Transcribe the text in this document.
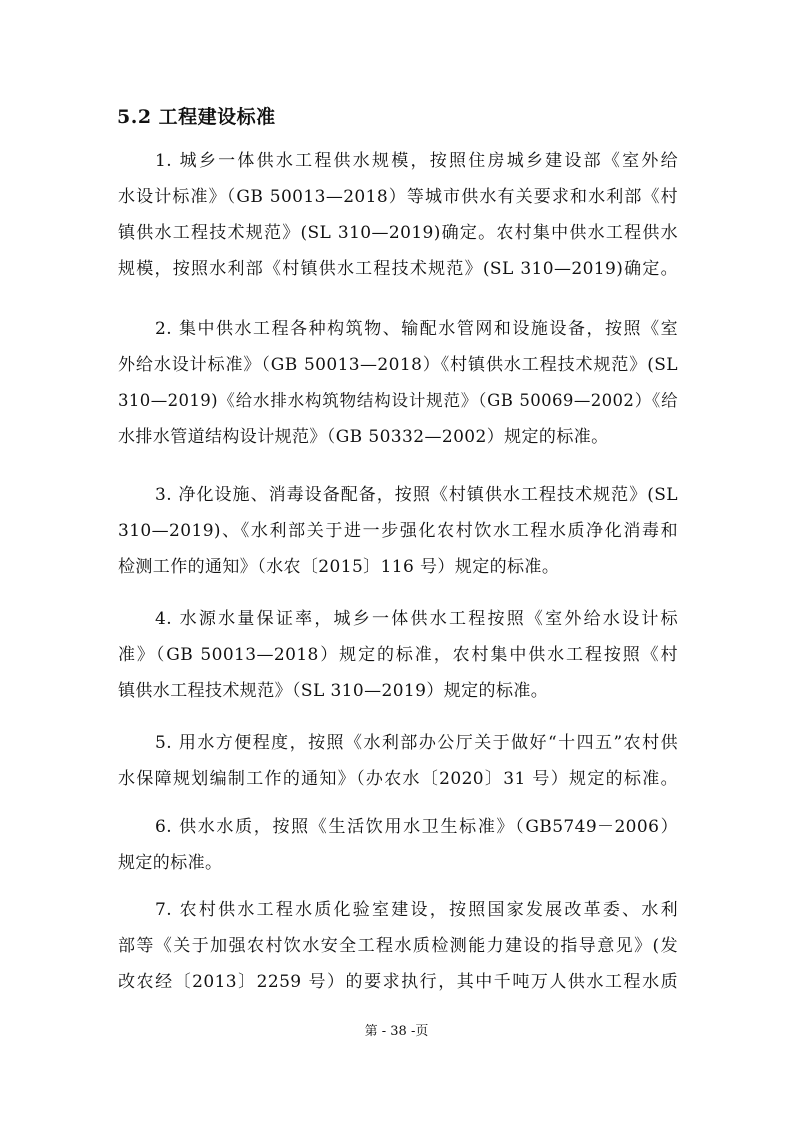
5.2 工程建设标准
1. 城乡一体供水工程供水规模，按照住房城乡建设部《室外给
水设计标准》（GB 50013—2018）等城市供水有关要求和水利部《村
镇供水工程技术规范》(SL 310—2019)确定。农村集中供水工程供水
规模，按照水利部《村镇供水工程技术规范》(SL 310—2019)确定。
2. 集中供水工程各种构筑物、输配水管网和设施设备，按照《室
外给水设计标准》（GB 50013—2018）《村镇供水工程技术规范》(SL
310—2019)《给水排水构筑物结构设计规范》（GB 50069—2002）《给
水排水管道结构设计规范》（GB 50332—2002）规定的标准。
3. 净化设施、消毒设备配备，按照《村镇供水工程技术规范》(SL
310—2019)、《水利部关于进一步强化农村饮水工程水质净化消毒和
检测工作的通知》（水农〔2015〕116 号）规定的标准。
4. 水源水量保证率，城乡一体供水工程按照《室外给水设计标
准》（GB 50013—2018）规定的标准，农村集中供水工程按照《村
镇供水工程技术规范》（SL 310—2019）规定的标准。
5. 用水方便程度，按照《水利部办公厅关于做好“十四五”农村供
水保障规划编制工作的通知》（办农水〔2020〕31 号）规定的标准。
6. 供水水质，按照《生活饮用水卫生标准》（GB5749－2006）
规定的标准。
7. 农村供水工程水质化验室建设，按照国家发展改革委、水利
部等《关于加强农村饮水安全工程水质检测能力建设的指导意见》(发
改农经〔2013〕2259 号）的要求执行，其中千吨万人供水工程水质
第 - 38 -页
